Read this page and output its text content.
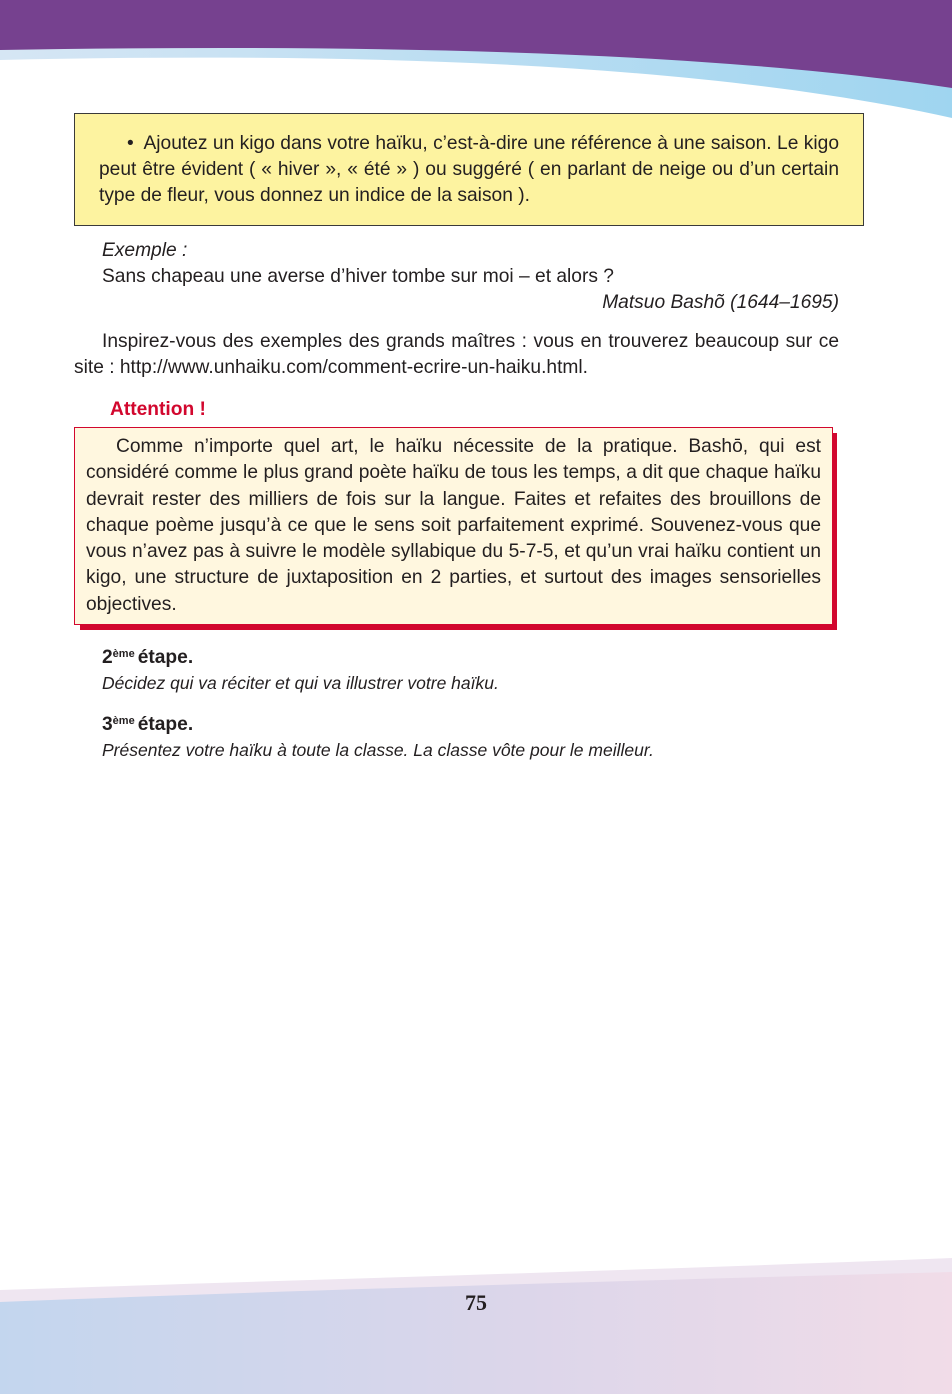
• Ajoutez un kigo dans votre haïku, c’est-à-dire une référence à une saison. Le kigo peut être évident ( « hiver », « été » ) ou suggéré ( en parlant de neige ou d’un certain type de fleur, vous donnez un indice de la saison ).
Exemple :
Sans chapeau une averse d’hiver tombe sur moi – et alors ?
Matsuo Bashõ (1644–1695)
Inspirez-vous des exemples des grands maîtres : vous en trouverez beaucoup sur ce site : http://www.unhaiku.com/comment-ecrire-un-haiku.html.
Attention !

Comme n’importe quel art, le haïku nécessite de la pratique. Bashō, qui est considéré comme le plus grand poète haïku de tous les temps, a dit que chaque haïku devrait rester des milliers de fois sur la langue. Faites et refaites des brouillons de chaque poème jusqu’à ce que le sens soit parfaitement exprimé. Souvenez-vous que vous n’avez pas à suivre le modèle syllabique du 5-7-5, et qu’un vrai haïku contient un kigo, une structure de juxtaposition en 2 parties, et surtout des images sensorielles objectives.

2ème étape.
Décidez qui va réciter et qui va illustrer votre haïku.
3ème étape.
Présentez votre haïku à toute la classe. La classe vôte pour le meilleur.
75
